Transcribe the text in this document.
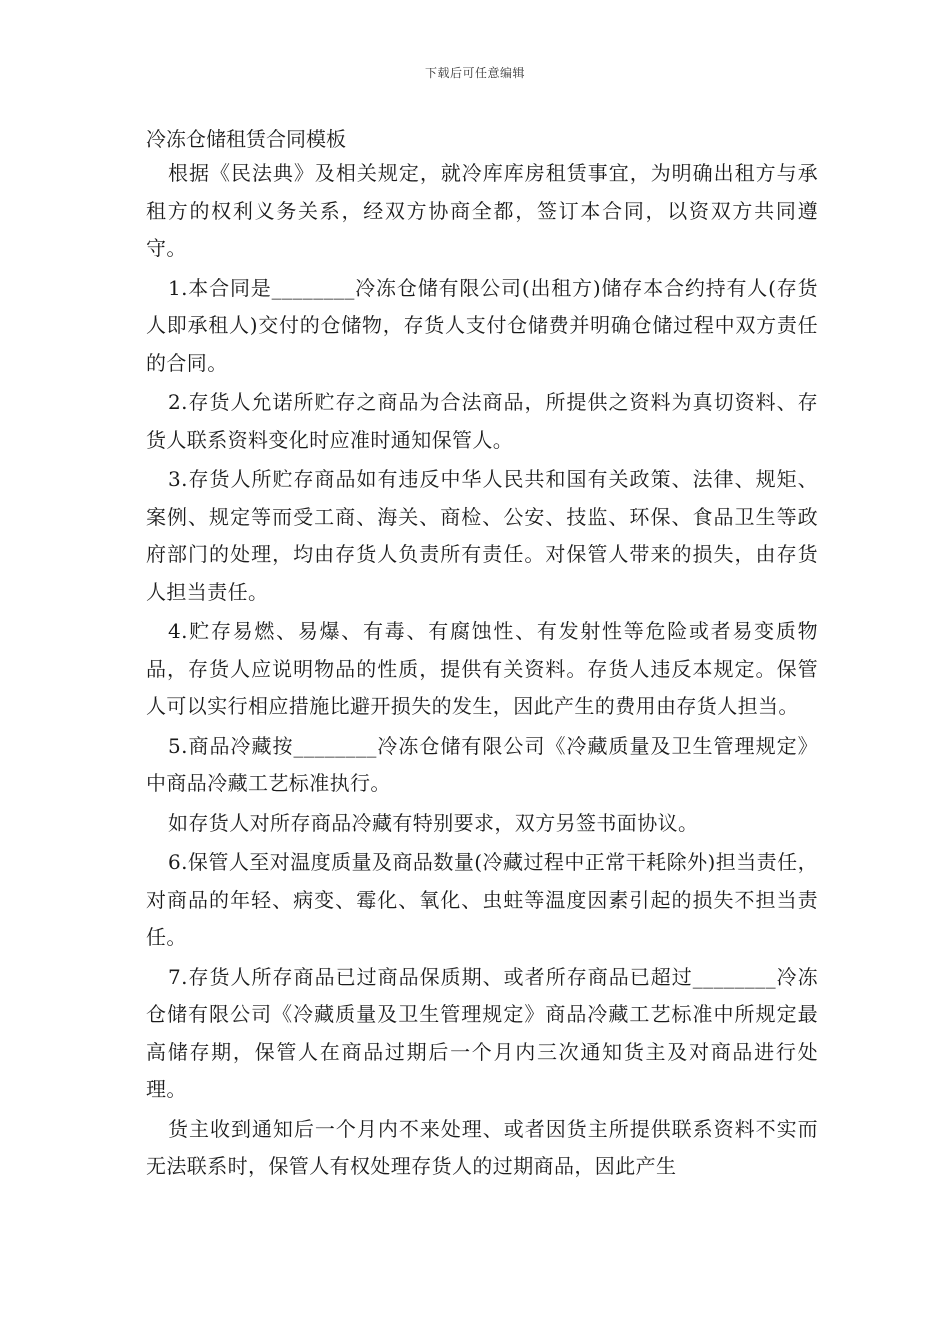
下载后可任意编辑
冷冻仓储租赁合同模板

根据《民法典》及相关规定，就冷库库房租赁事宜，为明确出租方与承租方的权利义务关系，经双方协商全都，签订本合同，以资双方共同遵守。

1.本合同是________冷冻仓储有限公司(出租方)储存本合约持有人(存货人即承租人)交付的仓储物，存货人支付仓储费并明确仓储过程中双方责任的合同。

2.存货人允诺所贮存之商品为合法商品，所提供之资料为真切资料、存货人联系资料变化时应准时通知保管人。

3.存货人所贮存商品如有违反中华人民共和国有关政策、法律、规矩、案例、规定等而受工商、海关、商检、公安、技监、环保、食品卫生等政府部门的处理，均由存货人负责所有责任。对保管人带来的损失，由存货人担当责任。

4.贮存易燃、易爆、有毒、有腐蚀性、有发射性等危险或者易变质物品，存货人应说明物品的性质，提供有关资料。存货人违反本规定。保管人可以实行相应措施比避开损失的发生，因此产生的费用由存货人担当。

5.商品冷藏按________冷冻仓储有限公司《冷藏质量及卫生管理规定》中商品冷藏工艺标准执行。

如存货人对所存商品冷藏有特别要求，双方另签书面协议。

6.保管人至对温度质量及商品数量(冷藏过程中正常干耗除外)担当责任，对商品的年轻、病变、霉化、氧化、虫蛀等温度因素引起的损失不担当责任。

7.存货人所存商品已过商品保质期、或者所存商品已超过________冷冻仓储有限公司《冷藏质量及卫生管理规定》商品冷藏工艺标准中所规定最高储存期，保管人在商品过期后一个月内三次通知货主及对商品进行处理。

货主收到通知后一个月内不来处理、或者因货主所提供联系资料不实而无法联系时，保管人有权处理存货人的过期商品，因此产生
